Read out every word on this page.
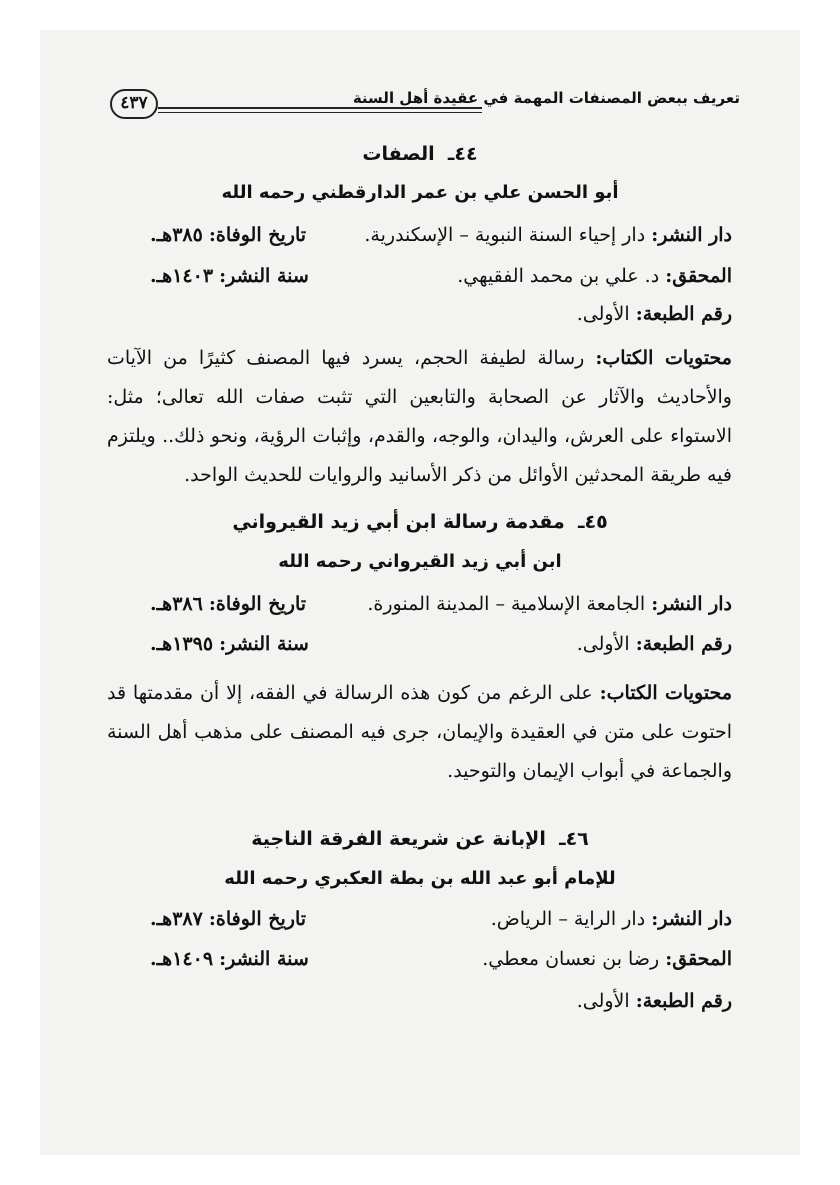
٤٣٧	تعريف ببعض المصنفات المهمة في عقيدة أهل السنة
٤٤ـ  الصفات
أبو الحسن علي بن عمر الدارقطني رحمه الله
دار النشر: دار إحياء السنة النبوية – الإسكندرية.
تاريخ الوفاة: ٣٨٥هـ.
المحقق: د. علي بن محمد الفقيهي.
سنة النشر: ١٤٠٣هـ.
رقم الطبعة: الأولى.
محتويات الكتاب: رسالة لطيفة الحجم، يسرد فيها المصنف كثيرًا من الآيات والأحاديث والآثار عن الصحابة والتابعين التي تثبت صفات الله تعالى؛ مثل: الاستواء على العرش، واليدان، والوجه، والقدم، وإثبات الرؤية، ونحو ذلك.. ويلتزم فيه طريقة المحدثين الأوائل من ذكر الأسانيد والروايات للحديث الواحد.
٤٥ـ  مقدمة رسالة ابن أبي زيد القيرواني
ابن أبي زيد القيرواني رحمه الله
دار النشر: الجامعة الإسلامية – المدينة المنورة.
تاريخ الوفاة: ٣٨٦هـ.
رقم الطبعة: الأولى.
سنة النشر: ١٣٩٥هـ.
محتويات الكتاب: على الرغم من كون هذه الرسالة في الفقه، إلا أن مقدمتها قد احتوت على متن في العقيدة والإيمان، جرى فيه المصنف على مذهب أهل السنة والجماعة في أبواب الإيمان والتوحيد.
٤٦ـ  الإبانة عن شريعة الفرقة الناجية
للإمام أبو عبد الله بن بطة العكبري رحمه الله
دار النشر: دار الراية – الرياض.
تاريخ الوفاة: ٣٨٧هـ.
المحقق: رضا بن نعسان معطي.
سنة النشر: ١٤٠٩هـ.
رقم الطبعة: الأولى.
